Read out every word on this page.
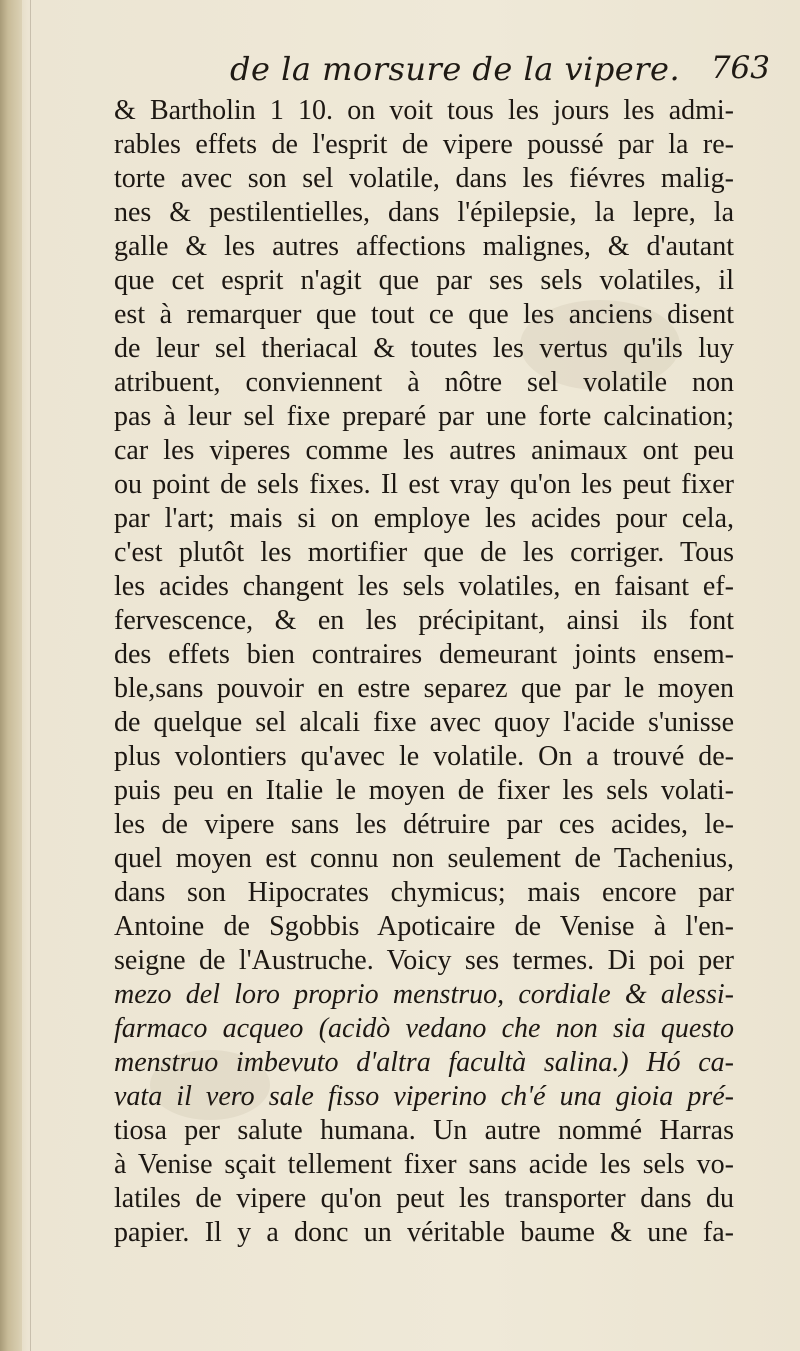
de la morsure de la vipere. 763
& Bartholin 1 10. on voit tous les jours les admi-
rables effets de l'esprit de vipere poussé par la re-
torte avec son sel volatile, dans les fiévres malig-
nes & pestilentielles, dans l'épilepsie, la lepre, la
galle & les autres affections malignes, & d'autant
que cet esprit n'agit que par ses sels volatiles, il
est à remarquer que tout ce que les anciens disent
de leur sel theriacal & toutes les vertus qu'ils luy
atribuent, conviennent à nôtre sel volatile non
pas à leur sel fixe preparé par une forte calcination;
car les viperes comme les autres animaux ont peu
ou point de sels fixes. Il est vray qu'on les peut fixer
par l'art; mais si on employe les acides pour cela,
c'est plutôt les mortifier que de les corriger. Tous
les acides changent les sels volatiles, en faisant ef-
fervescence, & en les précipitant, ainsi ils font
des effets bien contraires demeurant joints ensem-
ble,sans pouvoir en estre separez que par le moyen
de quelque sel alcali fixe avec quoy l'acide s'unisse
plus volontiers qu'avec le volatile. On a trouvé de-
puis peu en Italie le moyen de fixer les sels volati-
les de vipere sans les détruire par ces acides, le-
quel moyen est connu non seulement de Tachenius,
dans son Hipocrates chymicus; mais encore par
Antoine de Sgobbis Apoticaire de Venise à l'en-
seigne de l'Austruche. Voicy ses termes. Di poi per
mezo del loro proprio menstruo, cordiale & alessi-
farmaco acqueo (acidò vedano che non sia questo
menstruo imbevuto d'altra facultà salina.) Hó ca-
vata il vero sale fisso viperino ch'é una gioia pré-
tiosa per salute humana. Un autre nommé Harras
à Venise sçait tellement fixer sans acide les sels vo-
latiles de vipere qu'on peut les transporter dans du
papier. Il y a donc un véritable baume & une fa-
